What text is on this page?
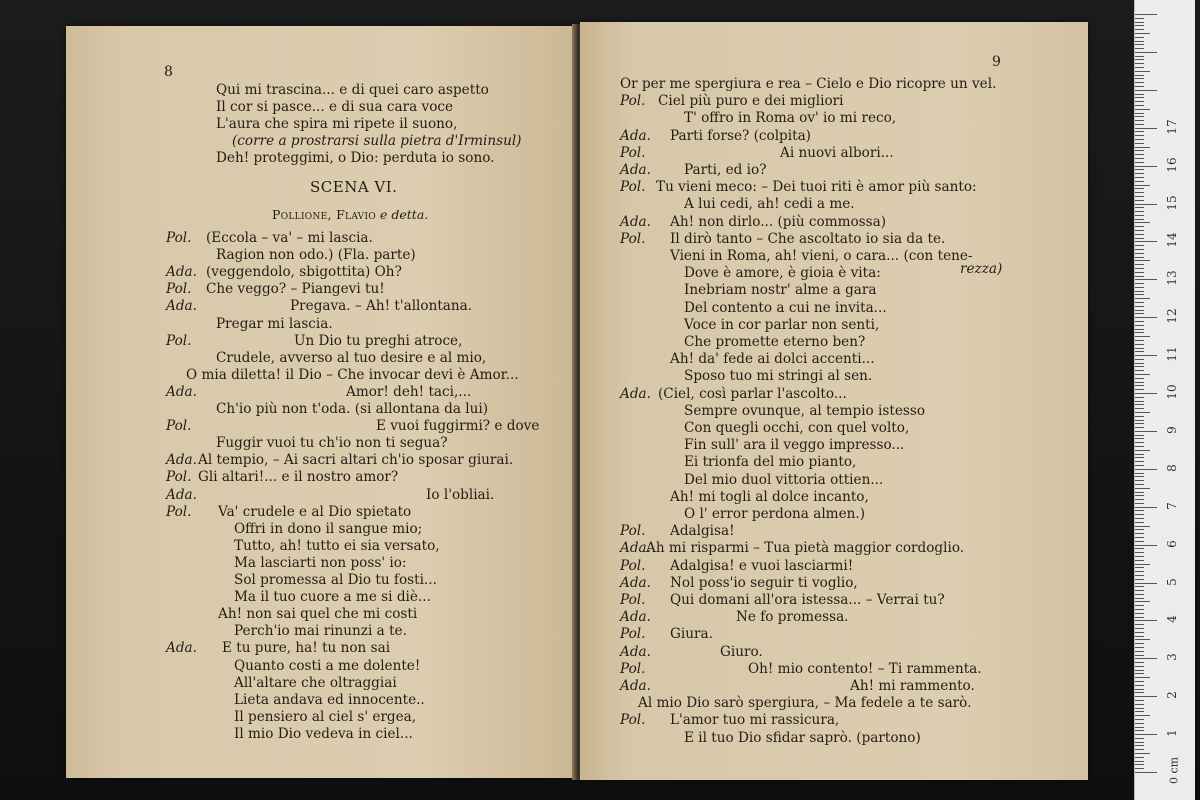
8
Qui mi trascina... e di quei caro aspetto
Il cor si pasce... e di sua cara voce
L'aura che spira mi ripete il suono,
(corre a prostrarsi sulla pietra d'Irminsul)
Deh! proteggimi, o Dio: perduta io sono.
SCENA VI.
Pollione, Flavio e detta.
Pol. (Eccola – va' – mi lascia.
Ragion non odo.) (Fla. parte)
Ada. (veggendolo, sbigottita) Oh?
Pol. Che veggo? – Piangevi tu!
Ada.	Pregava. – Ah! t'allontana.
Pregar mi lascia.
Pol.	Un Dio tu preghi atroce,
Crudele, avverso al tuo desire e al mio,
O mia diletta! il Dio – Che invocar devi è Amor...
Ada.	Amor! deh! taci,...
Ch'io più non t'oda. (si allontana da lui)
Pol.	E vuoi fuggirmi? e dove
Fuggir vuoi tu ch'io non ti segua?
Ada. Al tempio, – Ai sacri altari ch'io sposar giurai.
Pol. Gli altari!... e il nostro amor?
Ada.	Io l'obliai.
Pol. Va' crudele e al Dio spietato
Offri in dono il sangue mio;
Tutto, ah! tutto ei sia versato,
Ma lasciarti non poss' io:
Sol promessa al Dio tu fosti...
Ma il tuo cuore a me si diè...
Ah! non sai quel che mi costi
Perch'io mai rinunzi a te.
Ada. E tu pure, ha! tu non sai
Quanto costi a me dolente!
All'altare che oltraggiai
Lieta andava ed innocente..
Il pensiero al ciel s' ergea,
Il mio Dio vedeva in ciel...
9
Or per me spergiura e rea – Cielo e Dio ricopre un vel.
Pol. Ciel più puro e dei migliori
T' offro in Roma ov' io mi reco,
Ada. Parti forse? (colpita)
Pol.	Ai nuovi albori...
Ada. Parti, ed io?
Pol. Tu vieni meco: – Dei tuoi riti è amor più santo:
A lui cedi, ah! cedi a me.
Ada. Ah! non dirlo... (più commossa)
Pol. Il dirò tanto – Che ascoltato io sia da te.
Vieni in Roma, ah! vieni, o cara... (con tene-
Dove è amore, è gioia è vita:
Inebriam nostr' alme a gara
Del contento a cui ne invita...
Voce in cor parlar non senti,
Che promette eterno ben?
Ah! da' fede ai dolci accenti...
Sposo tuo mi stringi al sen.
Ada. (Ciel, così parlar l'ascolto...
Sempre ovunque, al tempio istesso
Con quegli occhi, con quel volto,
Fin sull' ara il veggo impresso...
Ei trionfa del mio pianto,
Del mio duol vittoria ottien...
Ah! mi togli al dolce incanto,
O l' error perdona almen.)
Pol. Adalgisa!
Ada.
Ah mi risparmi – Tua pietà maggior cordoglio.
Pol. Adalgisa! e vuoi lasciarmi!
Ada. Nol poss'io seguir ti voglio,
Pol. Qui domani all'ora istessa... – Verrai tu?
Ada.	Ne fo promessa.
Pol. Giura.
Ada.	Giuro.
Pol.	Oh! mio contento! – Ti rammenta.
Ada.	Ah! mi rammento.
Al mio Dio sarò spergiura, – Ma fedele a te sarò.
Pol. L'amor tuo mi rassicura,
E il tuo Dio sfidar saprò. (partono)
rezza)
0 cm
1
2
3
4
5
6
7
8
9
10
11
12
13
14
15
16
17
